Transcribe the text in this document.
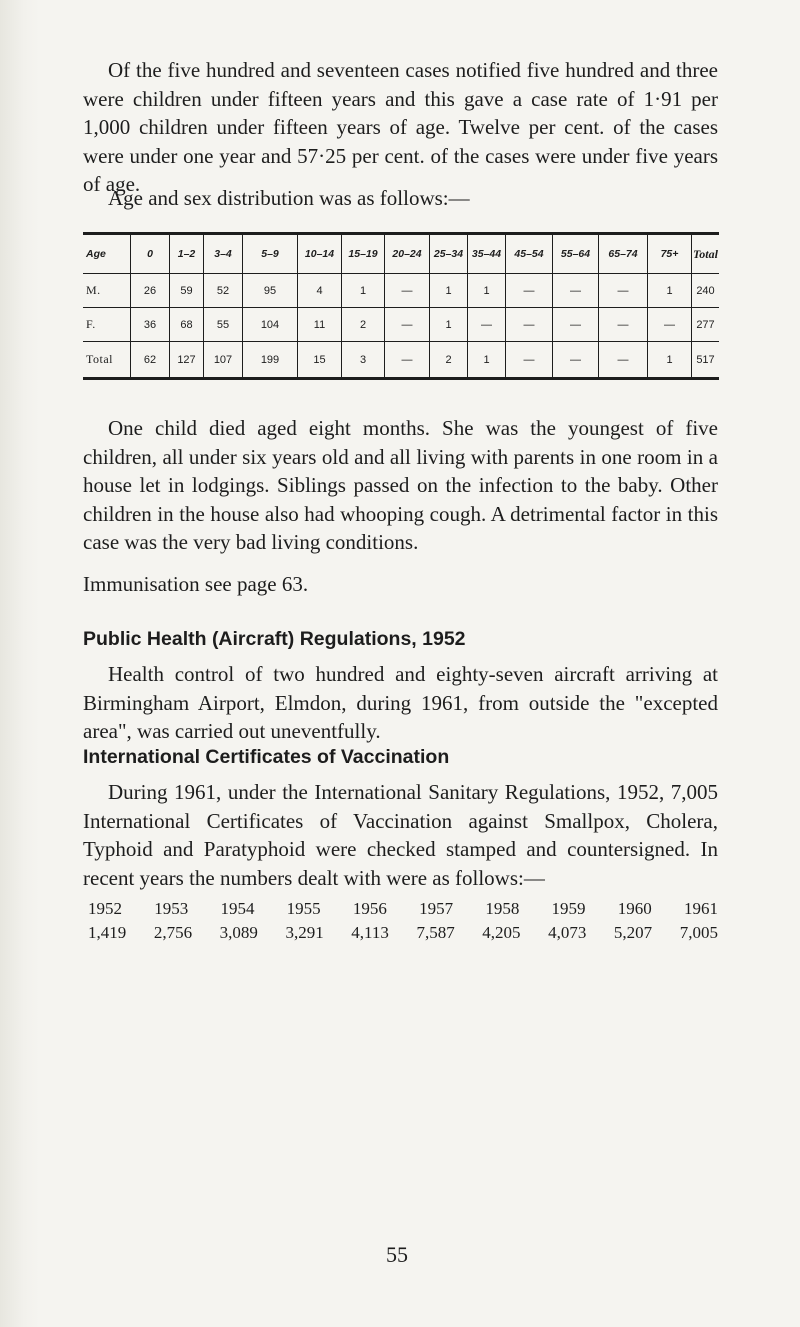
Of the five hundred and seventeen cases notified five hundred and three were children under fifteen years and this gave a case rate of 1·91 per 1,000 children under fifteen years of age. Twelve per cent. of the cases were under one year and 57·25 per cent. of the cases were under five years of age.

Age and sex distribution was as follows:—

Age	0	1–2	3–4	5–9	10–14	15–19	20–24	25–34	35–44	45–54	55–64	65–74	75+	Total
M.	26	59	52	95	4	1	—	1	1	—	—	—	1	240
F.	36	68	55	104	11	2	—	1	—	—	—	—	—	277
Total	62	127	107	199	15	3	—	2	1	—	—	—	1	517

One child died aged eight months. She was the youngest of five children, all under six years old and all living with parents in one room in a house let in lodgings. Siblings passed on the infection to the baby. Other children in the house also had whooping cough. A detrimental factor in this case was the very bad living conditions.

Immunisation see page 63.

Public Health (Aircraft) Regulations, 1952

Health control of two hundred and eighty-seven aircraft arriving at Birmingham Airport, Elmdon, during 1961, from outside the "excepted area", was carried out uneventfully.

International Certificates of Vaccination

During 1961, under the International Sanitary Regulations, 1952, 7,005 International Certificates of Vaccination against Smallpox, Cholera, Typhoid and Paratyphoid were checked stamped and countersigned. In recent years the numbers dealt with were as follows:—

1952 1953 1954 1955 1956 1957 1958 1959 1960 1961
1,419 2,756 3,089 3,291 4,113 7,587 4,205 4,073 5,207 7,005
55
